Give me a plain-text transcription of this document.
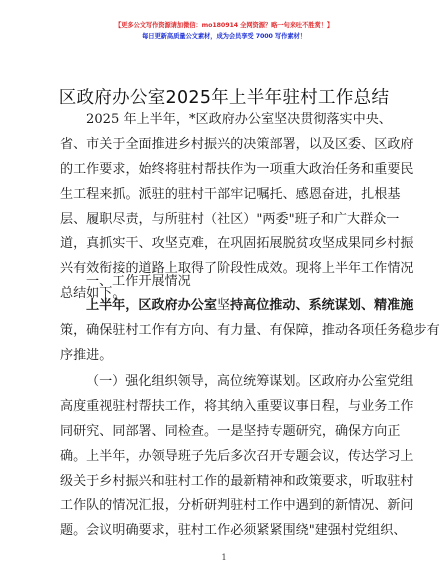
【更多公文写作资源请加微信：mo180914 全网资源？略一句来吐不胜赏！】
每日更新高质量公文素材，成为会员享受 7000 写作素材！
区政府办公室2025年上半年驻村工作总结
2025 年上半年，*区政府办公室坚决贯彻落实中央、
省、市关于全面推进乡村振兴的决策部署，以及区委、区政府
的工作要求，始终将驻村帮扶作为一项重大政治任务和重要民
生工程来抓。派驻的驻村干部牢记嘱托、感恩奋进，扎根基
层、履职尽责，与所驻村（社区）"两委"班子和广大群众一
道，真抓实干、攻坚克难，在巩固拓展脱贫攻坚成果同乡村振
兴有效衔接的道路上取得了阶段性成效。现将上半年工作情况
总结如下。
一、工作开展情况
上半年，区政府办公室坚持高位推动、系统谋划、精准施
策，确保驻村工作有方向、有力量、有保障，推动各项任务稳步有
序推进。
（一）强化组织领导，高位统筹谋划。区政府办公室党组
高度重视驻村帮扶工作，将其纳入重要议事日程，与业务工作
同研究、同部署、同检查。一是坚持专题研究，确保方向正
确。上半年，办领导班子先后多次召开专题会议，传达学习上
级关于乡村振兴和驻村工作的最新精神和政策要求，听取驻村
工作队的情况汇报，分析研判驻村工作中遇到的新情况、新问
题。会议明确要求，驻村工作必须紧紧围绕"建强村党组织、
1
